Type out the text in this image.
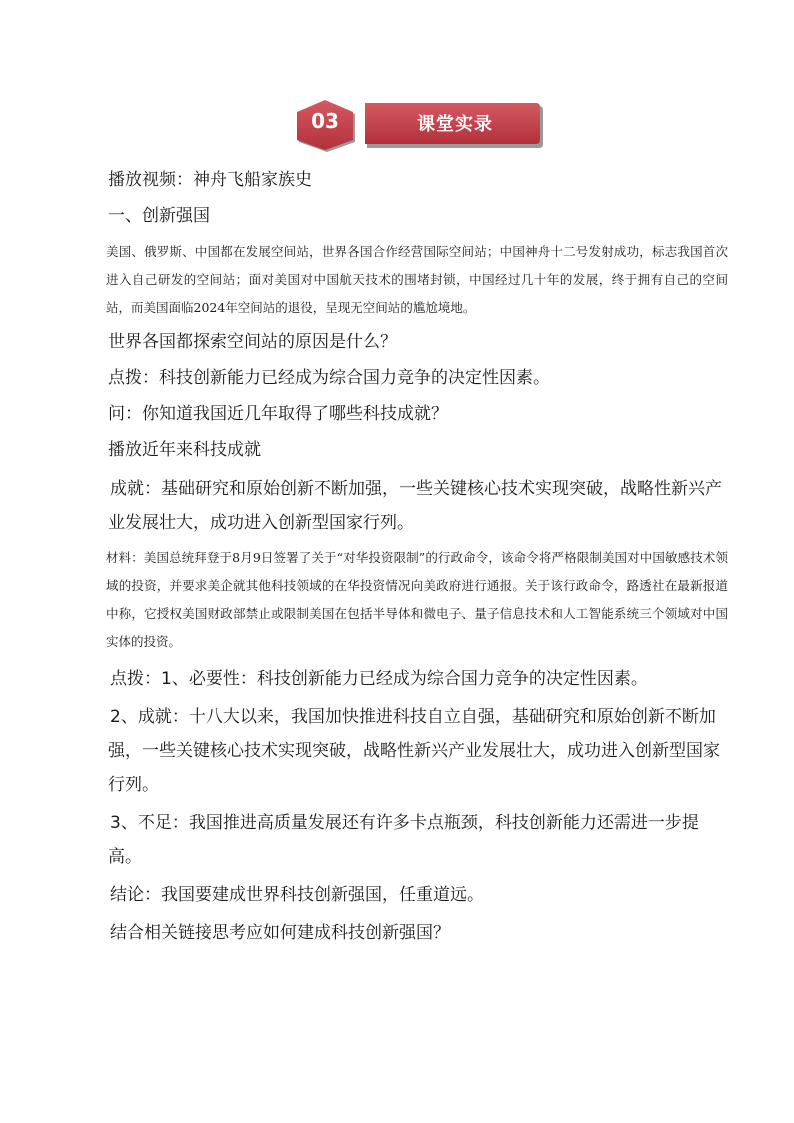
03	课堂实录

播放视频：神舟飞船家族史

一、创新强国

美国、俄罗斯、中国都在发展空间站，世界各国合作经营国际空间站；中国神舟十二号发射成功，标志我国首次进入自己研发的空间站；面对美国对中国航天技术的围堵封锁，中国经过几十年的发展，终于拥有自己的空间站，而美国面临2024年空间站的退役，呈现无空间站的尴尬境地。

世界各国都探索空间站的原因是什么？

点拨：科技创新能力已经成为综合国力竞争的决定性因素。

问：你知道我国近几年取得了哪些科技成就？

播放近年来科技成就

成就：基础研究和原始创新不断加强，一些关键核心技术实现突破，战略性新兴产业发展壮大，成功进入创新型国家行列。

材料：美国总统拜登于8月9日签署了关于“对华投资限制”的行政命令，该命令将严格限制美国对中国敏感技术领域的投资，并要求美企就其他科技领域的在华投资情况向美政府进行通报。关于该行政命令，路透社在最新报道中称，它授权美国财政部禁止或限制美国在包括半导体和微电子、量子信息技术和人工智能系统三个领域对中国实体的投资。

点拨：1、必要性：科技创新能力已经成为综合国力竞争的决定性因素。

2、成就：十八大以来，我国加快推进科技自立自强，基础研究和原始创新不断加强，一些关键核心技术实现突破，战略性新兴产业发展壮大，成功进入创新型国家行列。

3、不足：我国推进高质量发展还有许多卡点瓶颈，科技创新能力还需进一步提高。

结论：我国要建成世界科技创新强国，任重道远。

结合相关链接思考应如何建成科技创新强国？
